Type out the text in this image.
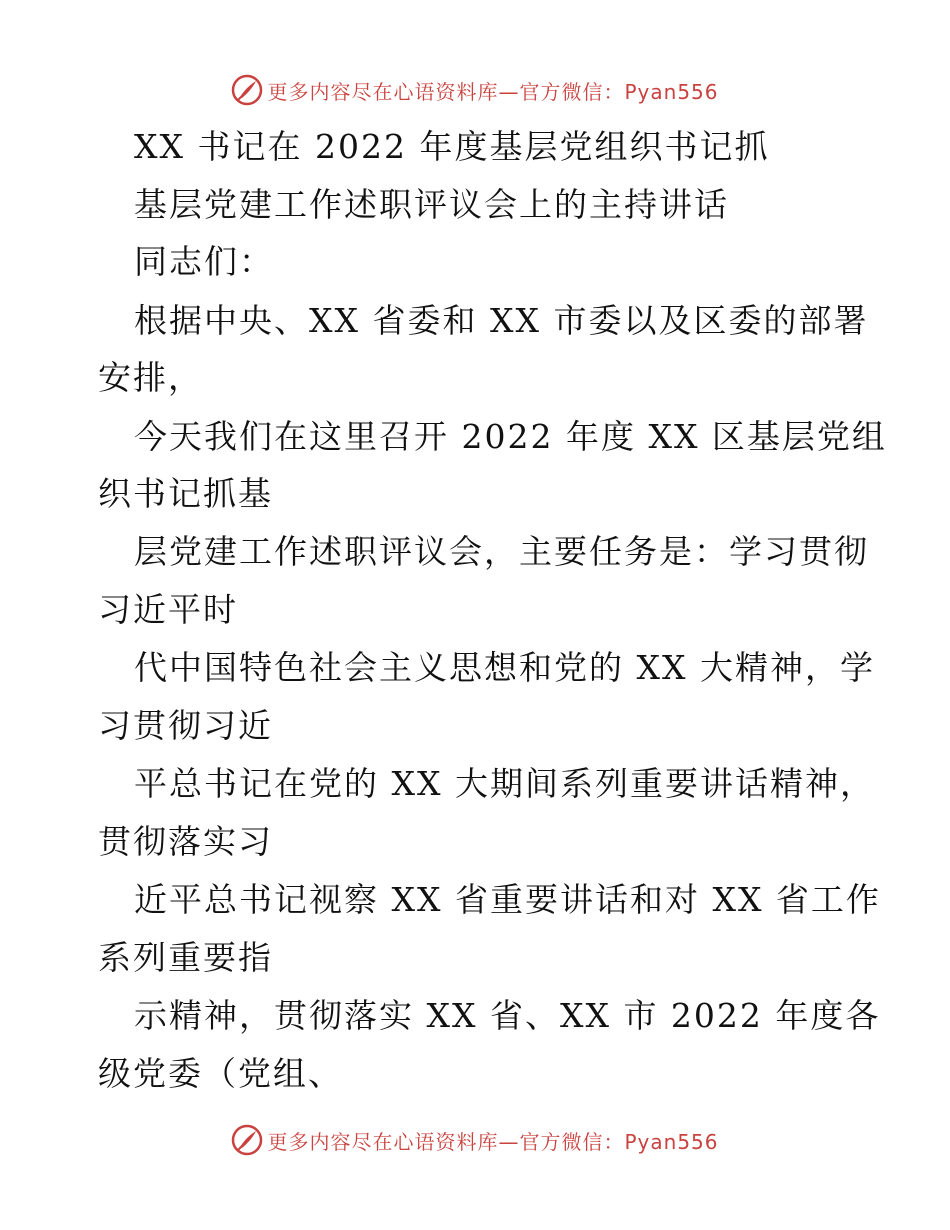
更多内容尽在心语资料库—官方微信：Pyan556
XX 书记在 2022 年度基层党组织书记抓
基层党建工作述职评议会上的主持讲话
同志们：
根据中央、XX 省委和 XX 市委以及区委的部署
安排，
今天我们在这里召开 2022 年度 XX 区基层党组
织书记抓基
层党建工作述职评议会，主要任务是：学习贯彻
习近平时
代中国特色社会主义思想和党的 XX 大精神，学
习贯彻习近
平总书记在党的 XX 大期间系列重要讲话精神，
贯彻落实习
近平总书记视察 XX 省重要讲话和对 XX 省工作
系列重要指
示精神，贯彻落实 XX 省、XX 市 2022 年度各
级党委（党组、
更多内容尽在心语资料库—官方微信：Pyan556
